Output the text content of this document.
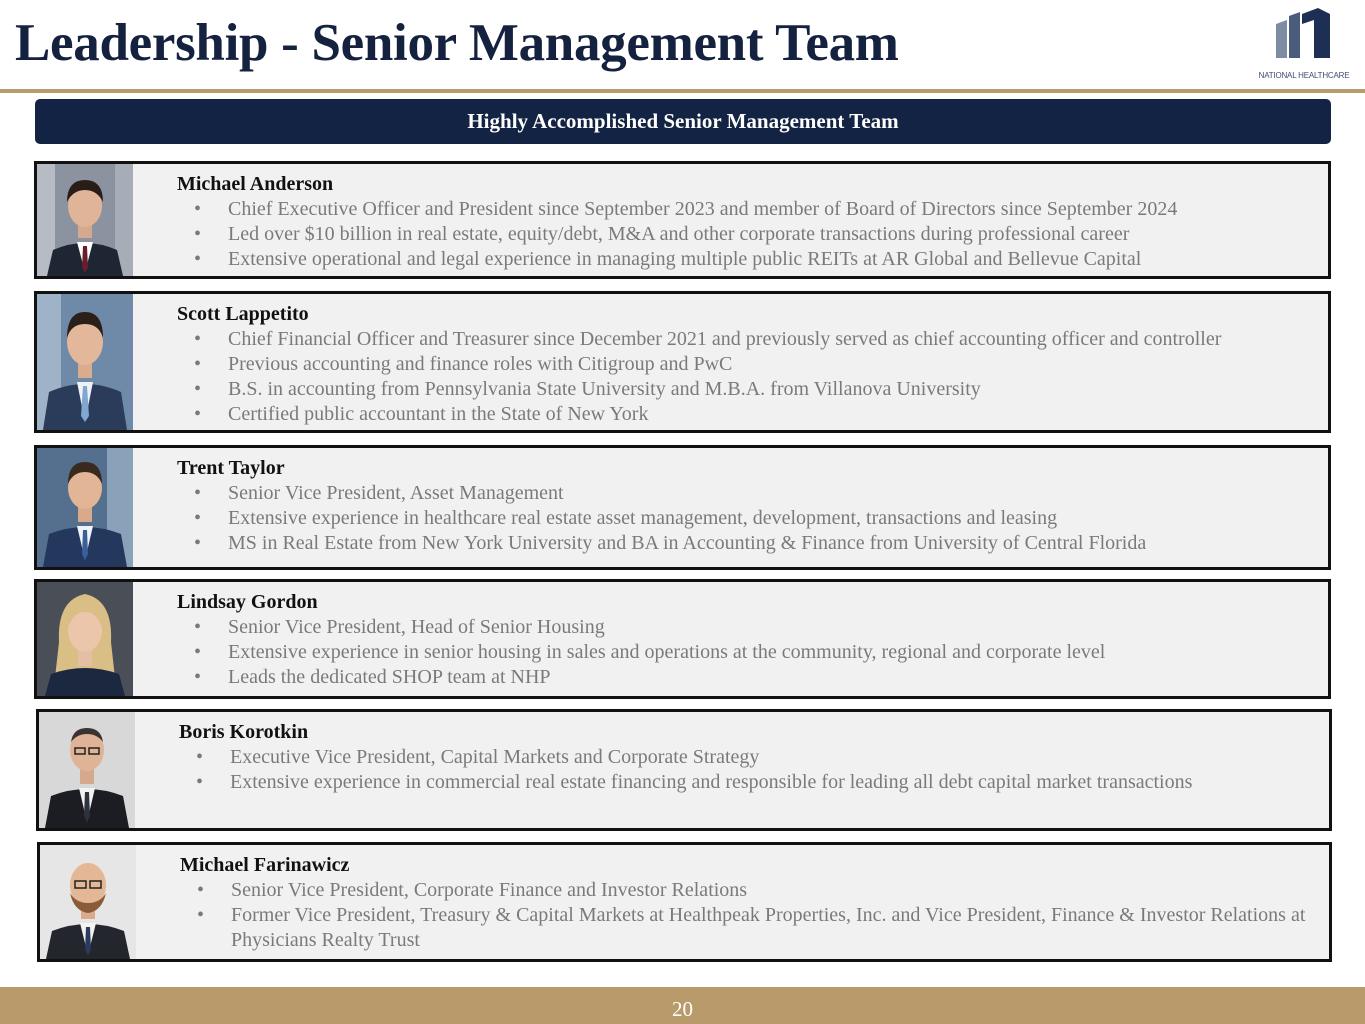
Leadership - Senior Management Team
NATIONAL HEALTHCARE
Highly Accomplished Senior Management Team
Michael Anderson
• Chief Executive Officer and President since September 2023 and member of Board of Directors since September 2024
• Led over $10 billion in real estate, equity/debt, M&A and other corporate transactions during professional career
• Extensive operational and legal experience in managing multiple public REITs at AR Global and Bellevue Capital
Scott Lappetito
• Chief Financial Officer and Treasurer since December 2021 and previously served as chief accounting officer and controller
• Previous accounting and finance roles with Citigroup and PwC
• B.S. in accounting from Pennsylvania State University and M.B.A. from Villanova University
• Certified public accountant in the State of New York
Trent Taylor
• Senior Vice President, Asset Management
• Extensive experience in healthcare real estate asset management, development, transactions and leasing
• MS in Real Estate from New York University and BA in Accounting & Finance from University of Central Florida
Lindsay Gordon
• Senior Vice President, Head of Senior Housing
• Extensive experience in senior housing in sales and operations at the community, regional and corporate level
• Leads the dedicated SHOP team at NHP
Boris Korotkin
• Executive Vice President, Capital Markets and Corporate Strategy
• Extensive experience in commercial real estate financing and responsible for leading all debt capital market transactions
Michael Farinawicz
• Senior Vice President, Corporate Finance and Investor Relations
• Former Vice President, Treasury & Capital Markets at Healthpeak Properties, Inc. and Vice President, Finance & Investor Relations at Physicians Realty Trust
20
